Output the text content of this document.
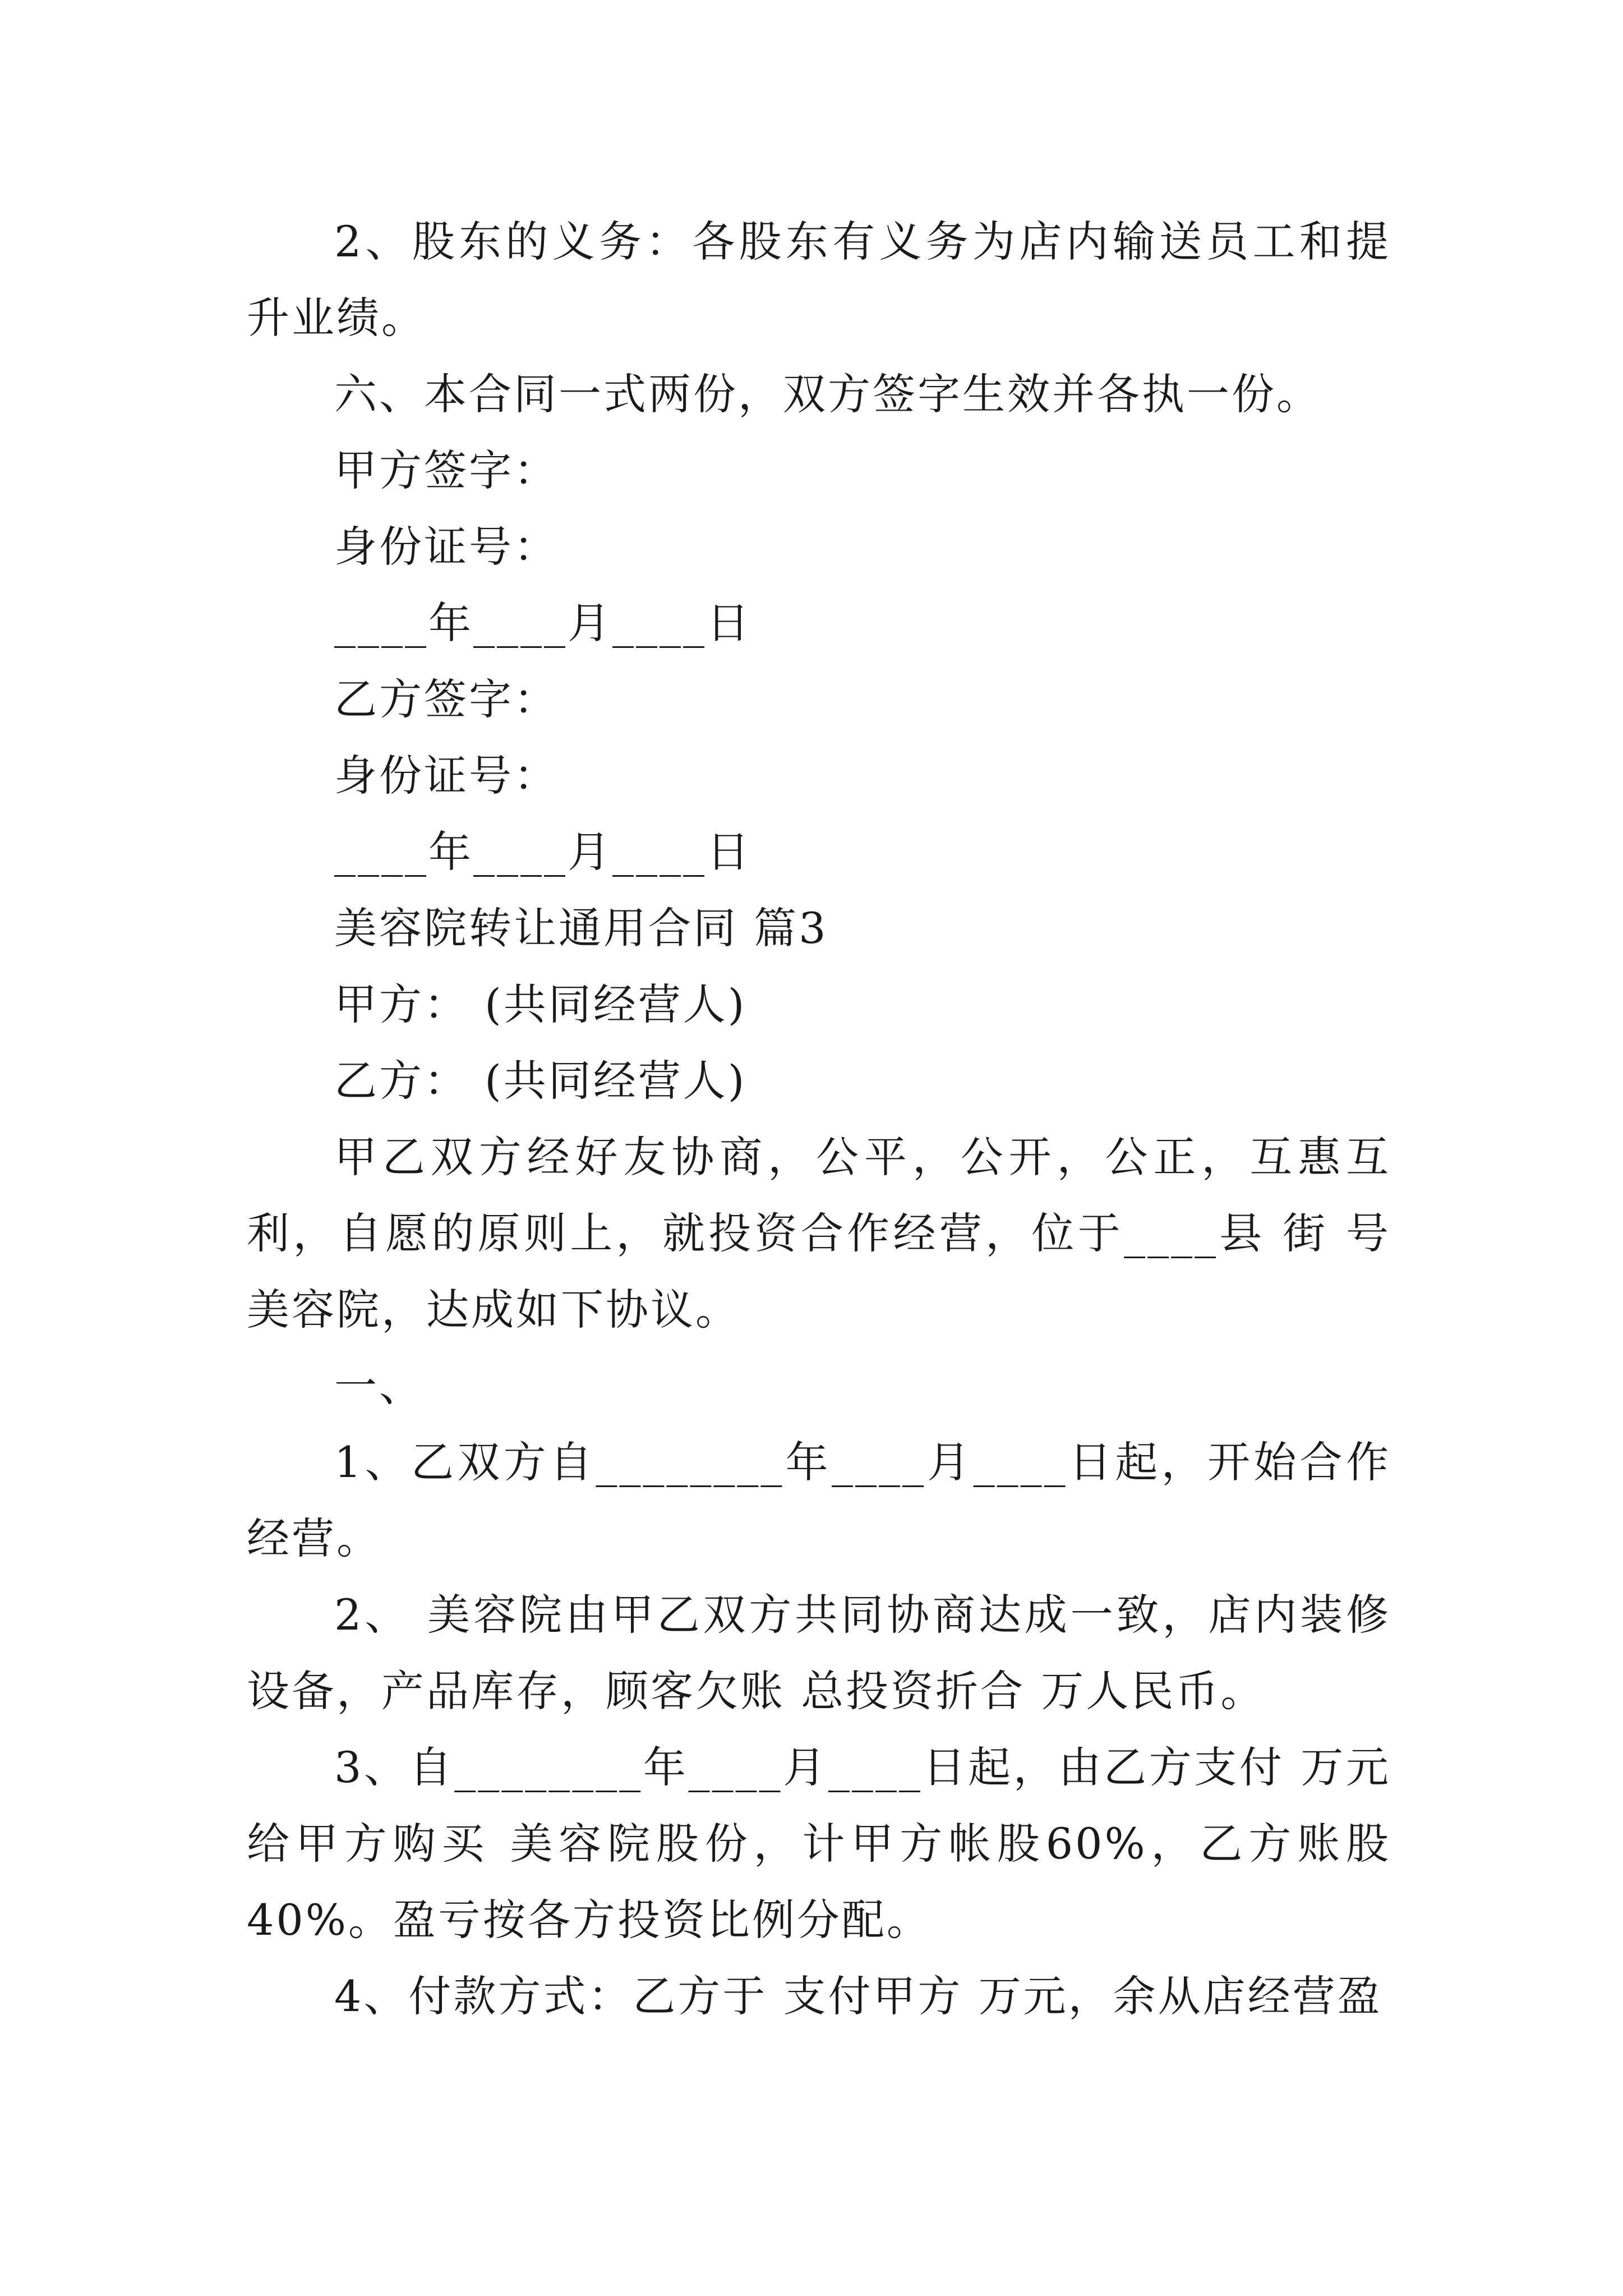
2、股东的义务：各股东有义务为店内输送员工和提升业绩。

六、本合同一式两份，双方签字生效并各执一份。

甲方签字：

身份证号：

____年____月____日

乙方签字：

身份证号：

____年____月____日

美容院转让通用合同 篇3

甲方： (共同经营人)

乙方： (共同经营人)

甲乙双方经好友协商，公平，公开，公正，互惠互利，自愿的原则上，就投资合作经营，位于____县 街 号美容院，达成如下协议。

一、

1、乙双方自________年____月____日起，开始合作经营。

2、 美容院由甲乙双方共同协商达成一致，店内装修设备，产品库存，顾客欠账 总投资折合 万人民币。

3、自________年____月____日起，由乙方支付 万元给甲方购买 美容院股份，计甲方帐股60%，乙方账股40%。盈亏按各方投资比例分配。

4、付款方式：乙方于 支付甲方 万元，余从店经营盈
